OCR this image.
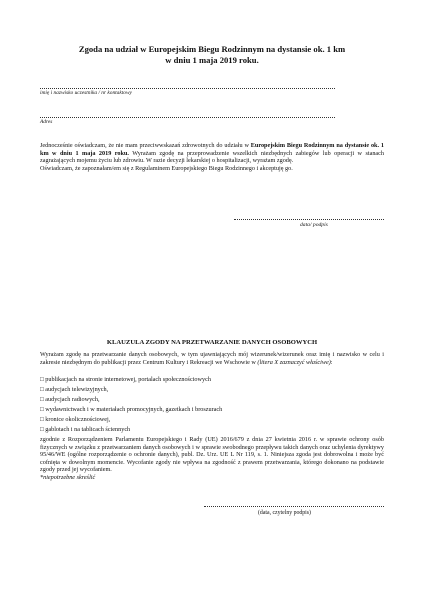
Zgoda na udział w Europejskim Biegu Rodzinnym na dystansie ok. 1 km
w dniu 1 maja 2019 roku.
imię i nazwisko uczestnika / nr kontaktowy
Adres
Jednocześnie oświadczam, że nie mam przeciwwskazań zdrowotnych do udziału w Europejskim Biegu Rodzinnym na dystansie ok. 1 km w dniu 1 maja 2019 roku. Wyrażam zgodę na przeprowadzenie wszelkich niezbędnych zabiegów lub operacji w stanach zagrażających mojemu życiu lub zdrowiu. W razie decyzji lekarskiej o hospitalizacji, wyrażam zgodę.
Oświadczam, że zapoznałam/em się z Regulaminem Europejskiego Biegu Rodzinnego i akceptuję go.
data/ podpis
KLAUZULA ZGODY NA PRZETWARZANIE DANYCH OSOBOWYCH
Wyrażam zgodę na przetwarzanie danych osobowych, w tym ujawniających mój wizerunek/wizerunek oraz imię i nazwisko w celu i zakresie niezbędnym do publikacji przez Centrum Kultury i Rekreacji we Wschowie w (litera X zaznaczyć właściwe):
□ publikacjach na stronie internetowej, portalach społecznościowych
□ audycjach telewizyjnych,
□ audycjach radiowych,
□ wydawnictwach i w materiałach promocyjnych, gazetkach i broszurach
□ kronice okolicznościowej,
□ gablotach i na tablicach ściennych
zgodnie z Rozporządzeniem Parlamentu Europejskiego i Rady (UE) 2016/679 z dnia 27 kwietnia 2016 r. w sprawie ochrony osób fizycznych w związku z przetwarzaniem danych osobowych i w sprawie swobodnego przepływu takich danych oraz uchylenia dyrektywy 95/46/WE (ogólne rozporządzenie o ochronie danych), publ. Dz. Urz. UE L Nr 119, s. 1. Niniejsza zgoda jest dobrowolna i może być cofnięta w dowolnym momencie. Wycofanie zgody nie wpływa na zgodność z prawem przetwarzania, którego dokonano na podstawie zgody przed jej wycofaniem.
*niepotrzebne skreślić
(data, czytelny podpis)
